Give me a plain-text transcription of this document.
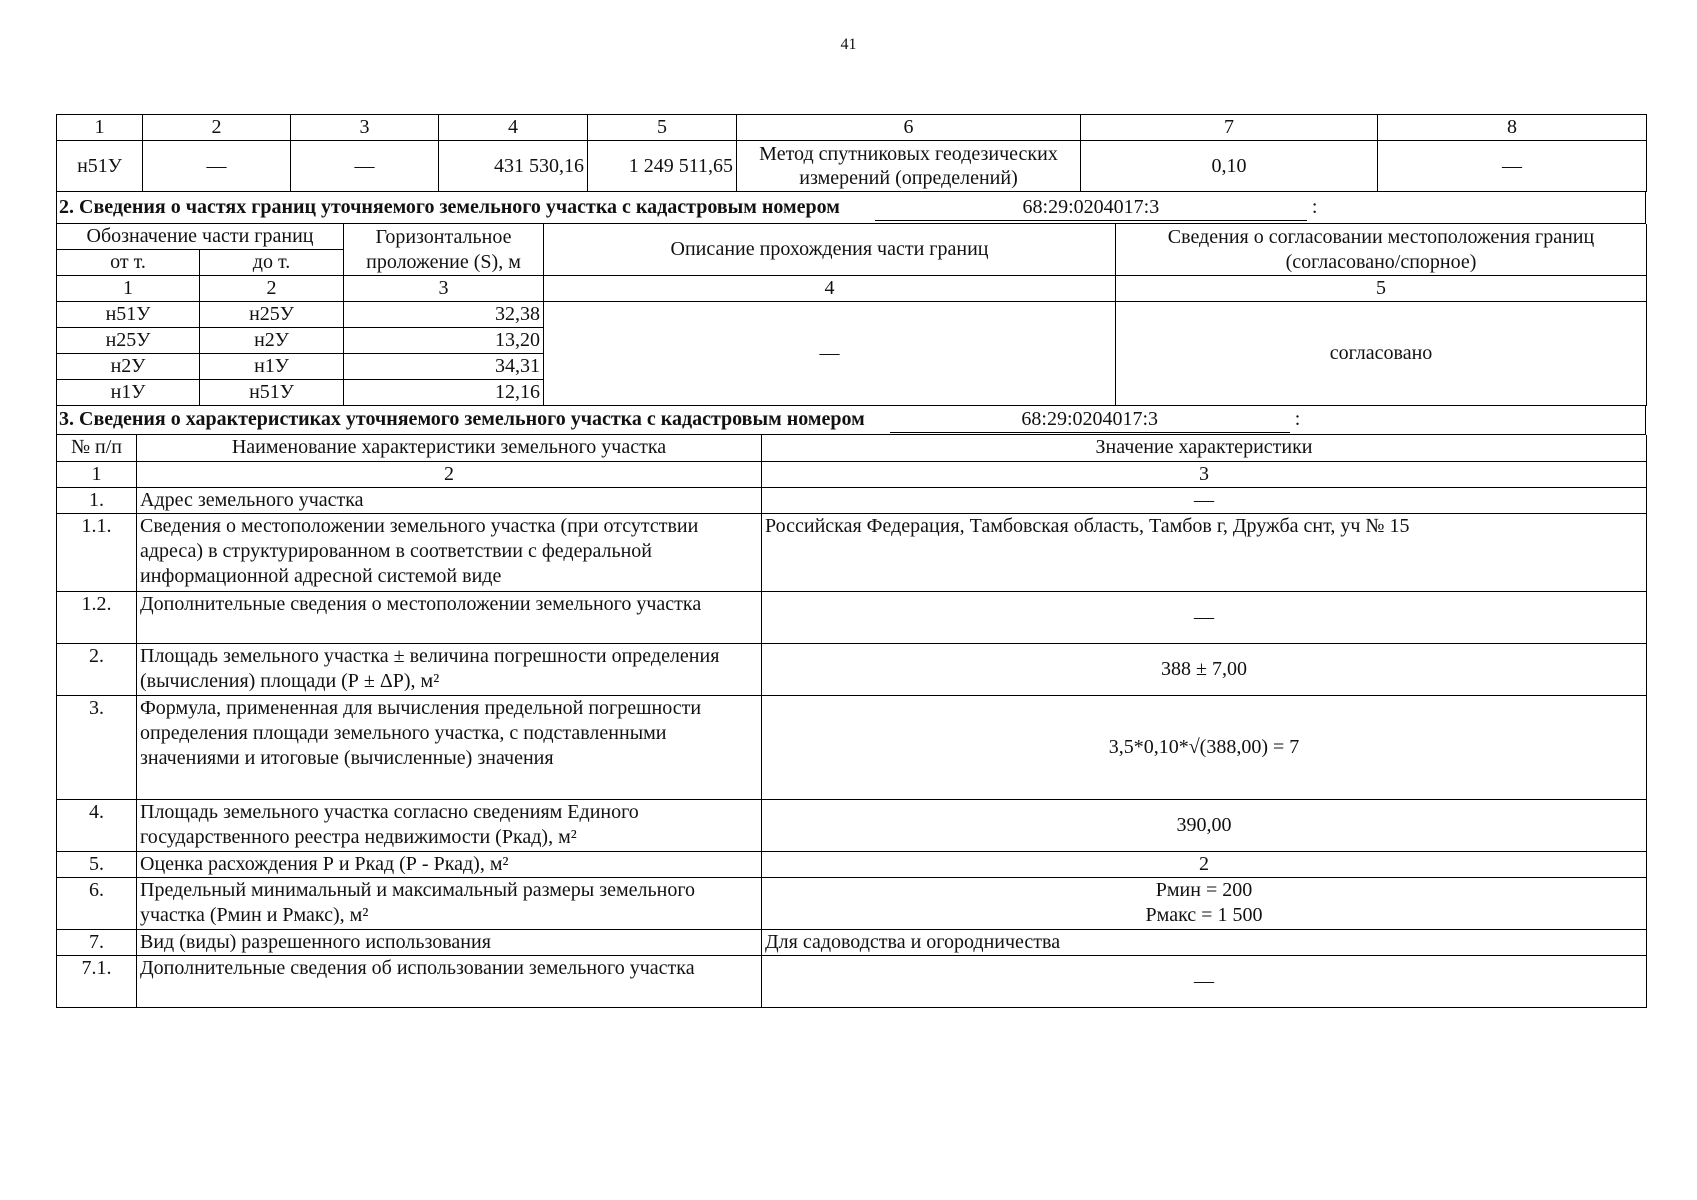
41
1	2	3	4	5	6	7	8
н51У	—	—	431 530,16	1 249 511,65	Метод спутниковых геодезических измерений (определений)	0,10	—
2. Сведения о частях границ уточняемого земельного участка с кадастровым номером	68:29:0204017:3	:
Обозначение части границ		Горизонтальное проложение (S), м	Описание прохождения части границ	Сведения о согласовании местоположения границ (согласовано/спорное)
от т.	до т.			
1	2	3	4	5
н51У	н25У	32,38	—	согласовано
н25У	н2У	13,20		
н2У	н1У	34,31		
н1У	н51У	12,16		
3. Сведения о характеристиках уточняемого земельного участка с кадастровым номером	68:29:0204017:3	:
№ п/п	Наименование характеристики земельного участка	Значение характеристики
1	2	3
1.	Адрес земельного участка	—
1.1.	Сведения о местоположении земельного участка (при отсутствии адреса) в структурированном в соответствии с федеральной информационной адресной системой виде	Российская Федерация, Тамбовская область, Тамбов г, Дружба снт, уч № 15
1.2.	Дополнительные сведения о местоположении земельного участка	—
2.	Площадь земельного участка ± величина погрешности определения (вычисления) площади (Р ± ΔР), м²	388 ± 7,00
3.	Формула, примененная для вычисления предельной погрешности определения площади земельного участка, с подставленными значениями и итоговые (вычисленные) значения	3,5*0,10*√(388,00) = 7
4.	Площадь земельного участка согласно сведениям Единого государственного реестра недвижимости (Ркад), м²	390,00
5.	Оценка расхождения Р и Ркад (Р - Ркад), м²	2
6.	Предельный минимальный и максимальный размеры земельного участка (Рмин и Рмакс), м²	Рмин = 200
Рмакс = 1 500

7.	Вид (виды) разрешенного использования	Для садоводства и огородничества
7.1.	Дополнительные сведения об использовании земельного участка	—
